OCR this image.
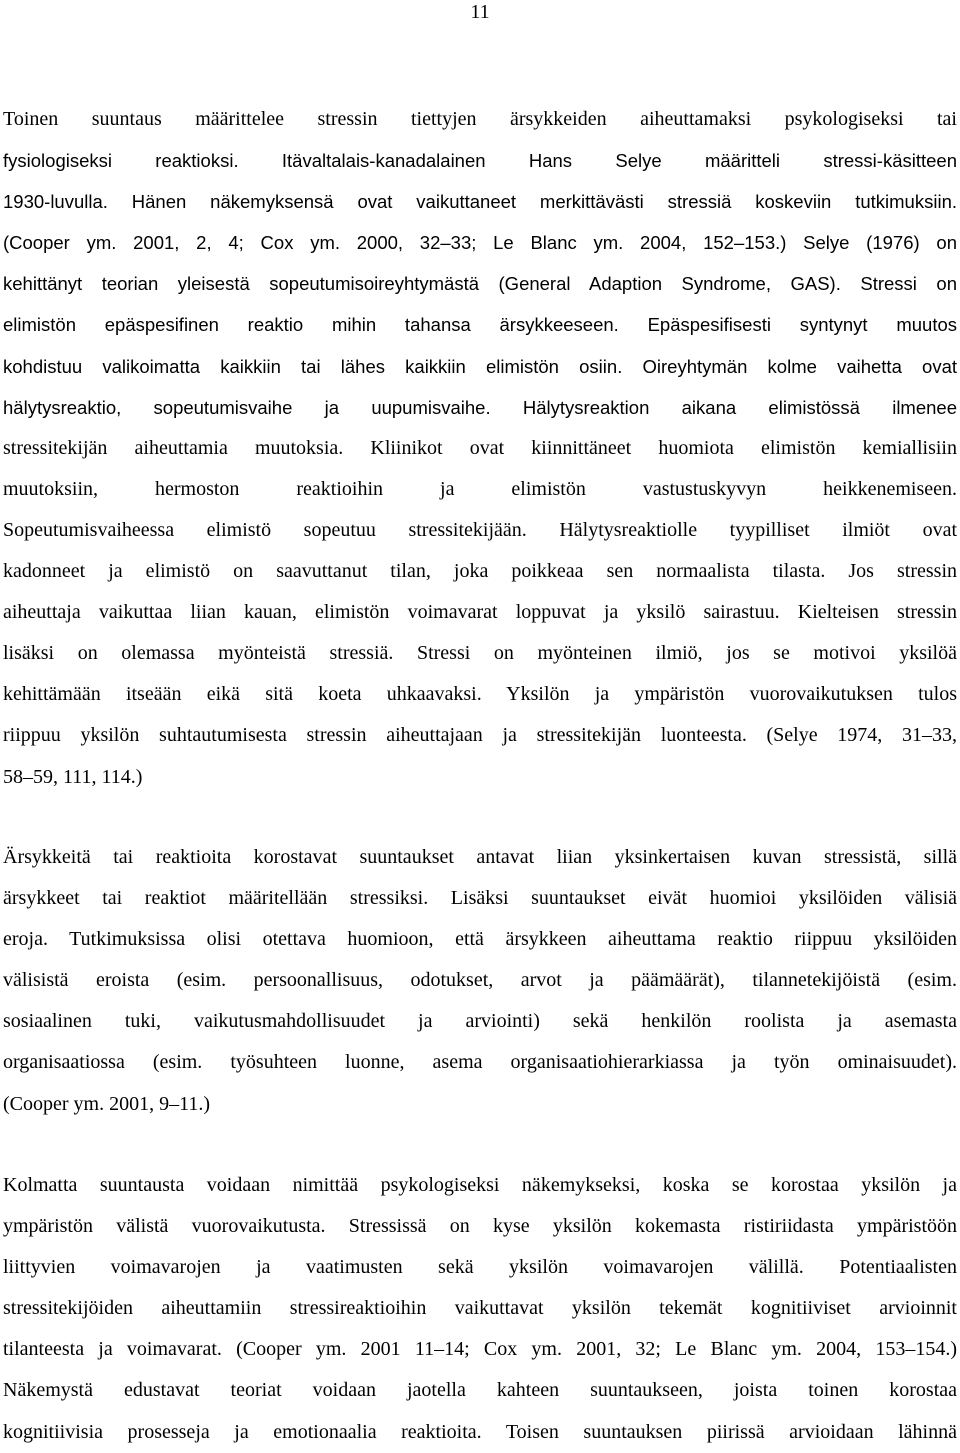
11
Toinen suuntaus määrittelee stressin tiettyjen ärsykkeiden aiheuttamaksi psykologiseksi tai
fysiologiseksi reaktioksi. Itävaltalais-kanadalainen Hans Selye määritteli stressi-käsitteen
1930-luvulla. Hänen näkemyksensä ovat vaikuttaneet merkittävästi stressiä koskeviin tutkimuksiin.
(Cooper ym. 2001, 2, 4; Cox ym. 2000, 32–33; Le Blanc ym. 2004, 152–153.) Selye (1976) on
kehittänyt teorian yleisestä sopeutumisoireyhtymästä (General Adaption Syndrome, GAS). Stressi on
elimistön epäspesifinen reaktio mihin tahansa ärsykkeeseen. Epäspesifisesti syntynyt muutos
kohdistuu valikoimatta kaikkiin tai lähes kaikkiin elimistön osiin. Oireyhtymän kolme vaihetta ovat
hälytysreaktio, sopeutumisvaihe ja uupumisvaihe. Hälytysreaktion aikana elimistössä ilmenee
stressitekijän aiheuttamia muutoksia. Kliinikot ovat kiinnittäneet huomiota elimistön kemiallisiin
muutoksiin, hermoston reaktioihin ja elimistön vastustuskyvyn heikkenemiseen.
Sopeutumisvaiheessa elimistö sopeutuu stressitekijään. Hälytysreaktiolle tyypilliset ilmiöt ovat
kadonneet ja elimistö on saavuttanut tilan, joka poikkeaa sen normaalista tilasta. Jos stressin
aiheuttaja vaikuttaa liian kauan, elimistön voimavarat loppuvat ja yksilö sairastuu. Kielteisen stressin
lisäksi on olemassa myönteistä stressiä. Stressi on myönteinen ilmiö, jos se motivoi yksilöä
kehittämään itseään eikä sitä koeta uhkaavaksi. Yksilön ja ympäristön vuorovaikutuksen tulos
riippuu yksilön suhtautumisesta stressin aiheuttajaan ja stressitekijän luonteesta. (Selye 1974, 31–33,
58–59, 111, 114.)
Ärsykkeitä tai reaktioita korostavat suuntaukset antavat liian yksinkertaisen kuvan stressistä, sillä
ärsykkeet tai reaktiot määritellään stressiksi. Lisäksi suuntaukset eivät huomioi yksilöiden välisiä
eroja. Tutkimuksissa olisi otettava huomioon, että ärsykkeen aiheuttama reaktio riippuu yksilöiden
välisistä eroista (esim. persoonallisuus, odotukset, arvot ja päämäärät), tilannetekijöistä (esim.
sosiaalinen tuki, vaikutusmahdollisuudet ja arviointi) sekä henkilön roolista ja asemasta
organisaatiossa (esim. työsuhteen luonne, asema organisaatiohierarkiassa ja työn ominaisuudet).
(Cooper ym. 2001, 9–11.)
Kolmatta suuntausta voidaan nimittää psykologiseksi näkemykseksi, koska se korostaa yksilön ja
ympäristön välistä vuorovaikutusta. Stressissä on kyse yksilön kokemasta ristiriidasta ympäristöön
liittyvien voimavarojen ja vaatimusten sekä yksilön voimavarojen välillä. Potentiaalisten
stressitekijöiden aiheuttamiin stressireaktioihin vaikuttavat yksilön tekemät kognitiiviset arvioinnit
tilanteesta ja voimavarat. (Cooper ym. 2001 11–14; Cox ym. 2001, 32; Le Blanc ym. 2004, 153–154.)
Näkemystä edustavat teoriat voidaan jaotella kahteen suuntaukseen, joista toinen korostaa
kognitiivisia prosesseja ja emotionaalia reaktioita. Toisen suuntauksen piirissä arvioidaan lähinnä
